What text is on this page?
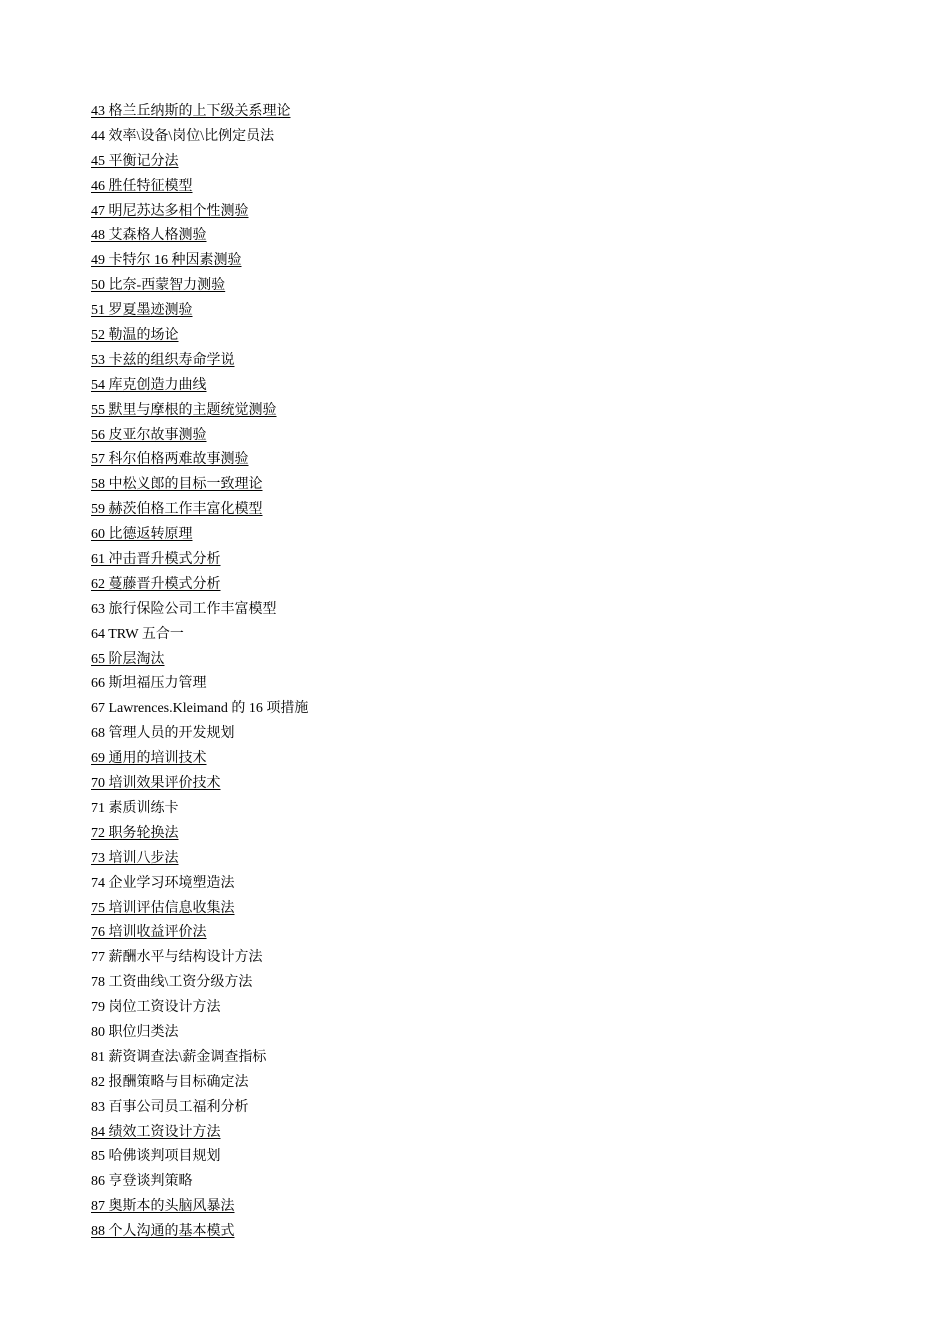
43 格兰丘纳斯的上下级关系理论
44 效率\设备\岗位\比例定员法
45 平衡记分法
46 胜任特征模型
47 明尼苏达多相个性测验
48 艾森格人格测验
49 卡特尔 16 种因素测验
50 比奈-西蒙智力测验
51 罗夏墨迹测验
52 勒温的场论
53 卡兹的组织寿命学说
54 库克创造力曲线
55 默里与摩根的主题统觉测验
56 皮亚尔故事测验
57 科尔伯格两难故事测验
58 中松义郎的目标一致理论
59 赫茨伯格工作丰富化模型
60 比德返转原理
61 冲击晋升模式分析
62 蔓藤晋升模式分析
63 旅行保险公司工作丰富模型
64 TRW 五合一
65 阶层淘汰
66 斯坦福压力管理
67 Lawrences.Kleimand 的 16 项措施
68 管理人员的开发规划
69 通用的培训技术
70 培训效果评价技术
71 素质训练卡
72 职务轮换法
73 培训八步法
74 企业学习环境塑造法
75 培训评估信息收集法
76 培训收益评价法
77 薪酬水平与结构设计方法
78 工资曲线\工资分级方法
79 岗位工资设计方法
80 职位归类法
81 薪资调查法\薪金调查指标
82 报酬策略与目标确定法
83 百事公司员工福利分析
84 绩效工资设计方法
85 哈佛谈判项目规划
86 亨登谈判策略
87 奥斯本的头脑风暴法
88 个人沟通的基本模式
